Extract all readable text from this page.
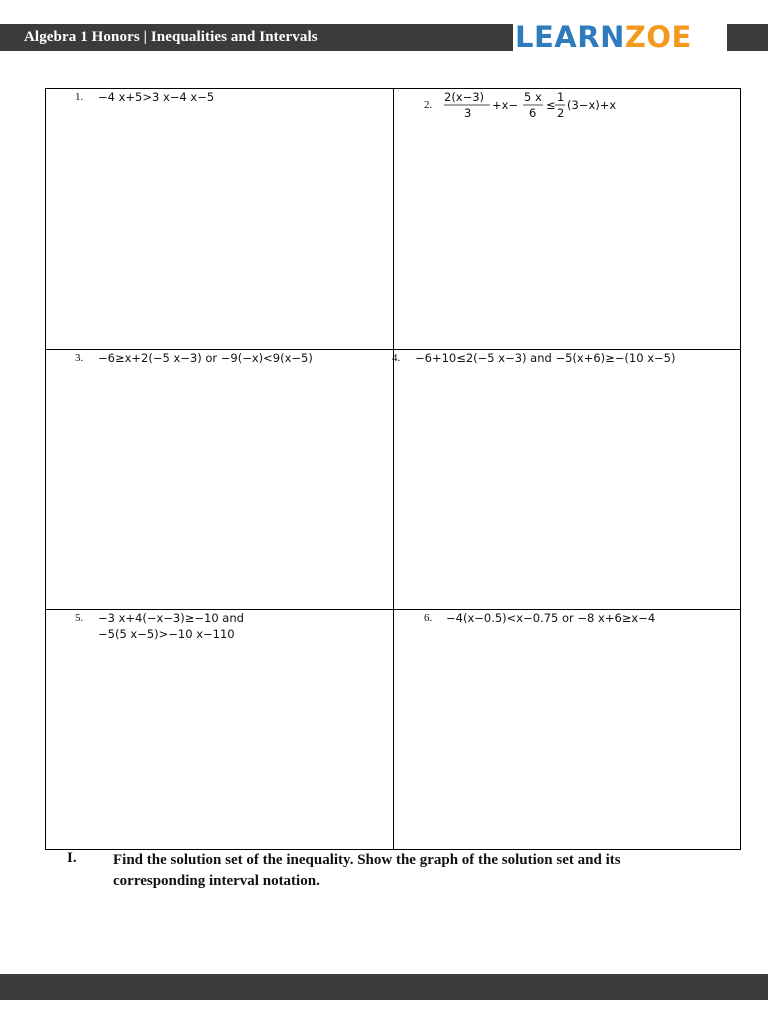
Algebra 1 Honors | Inequalities and Intervals	LEARNZOE
1. −4 x+5>3 x−4 x−5
2.
2(x−3)
3
+x−
5 x
6
≤
1
2
(3−x)+x
3. −6≥x+2(−5 x−3) or −9(−x)<9(x−5)	4. −6+10≤2(−5 x−3) and −5(x+6)≥−(10 x−5)
5. −3 x+4(−x−3)≥−10 and
−5(5 x−5)>−10 x−110
6. −4(x−0.5)<x−0.75 or −8 x+6≥x−4
I. Find the solution set of the inequality. Show the graph of the solution set and its corresponding interval notation.
